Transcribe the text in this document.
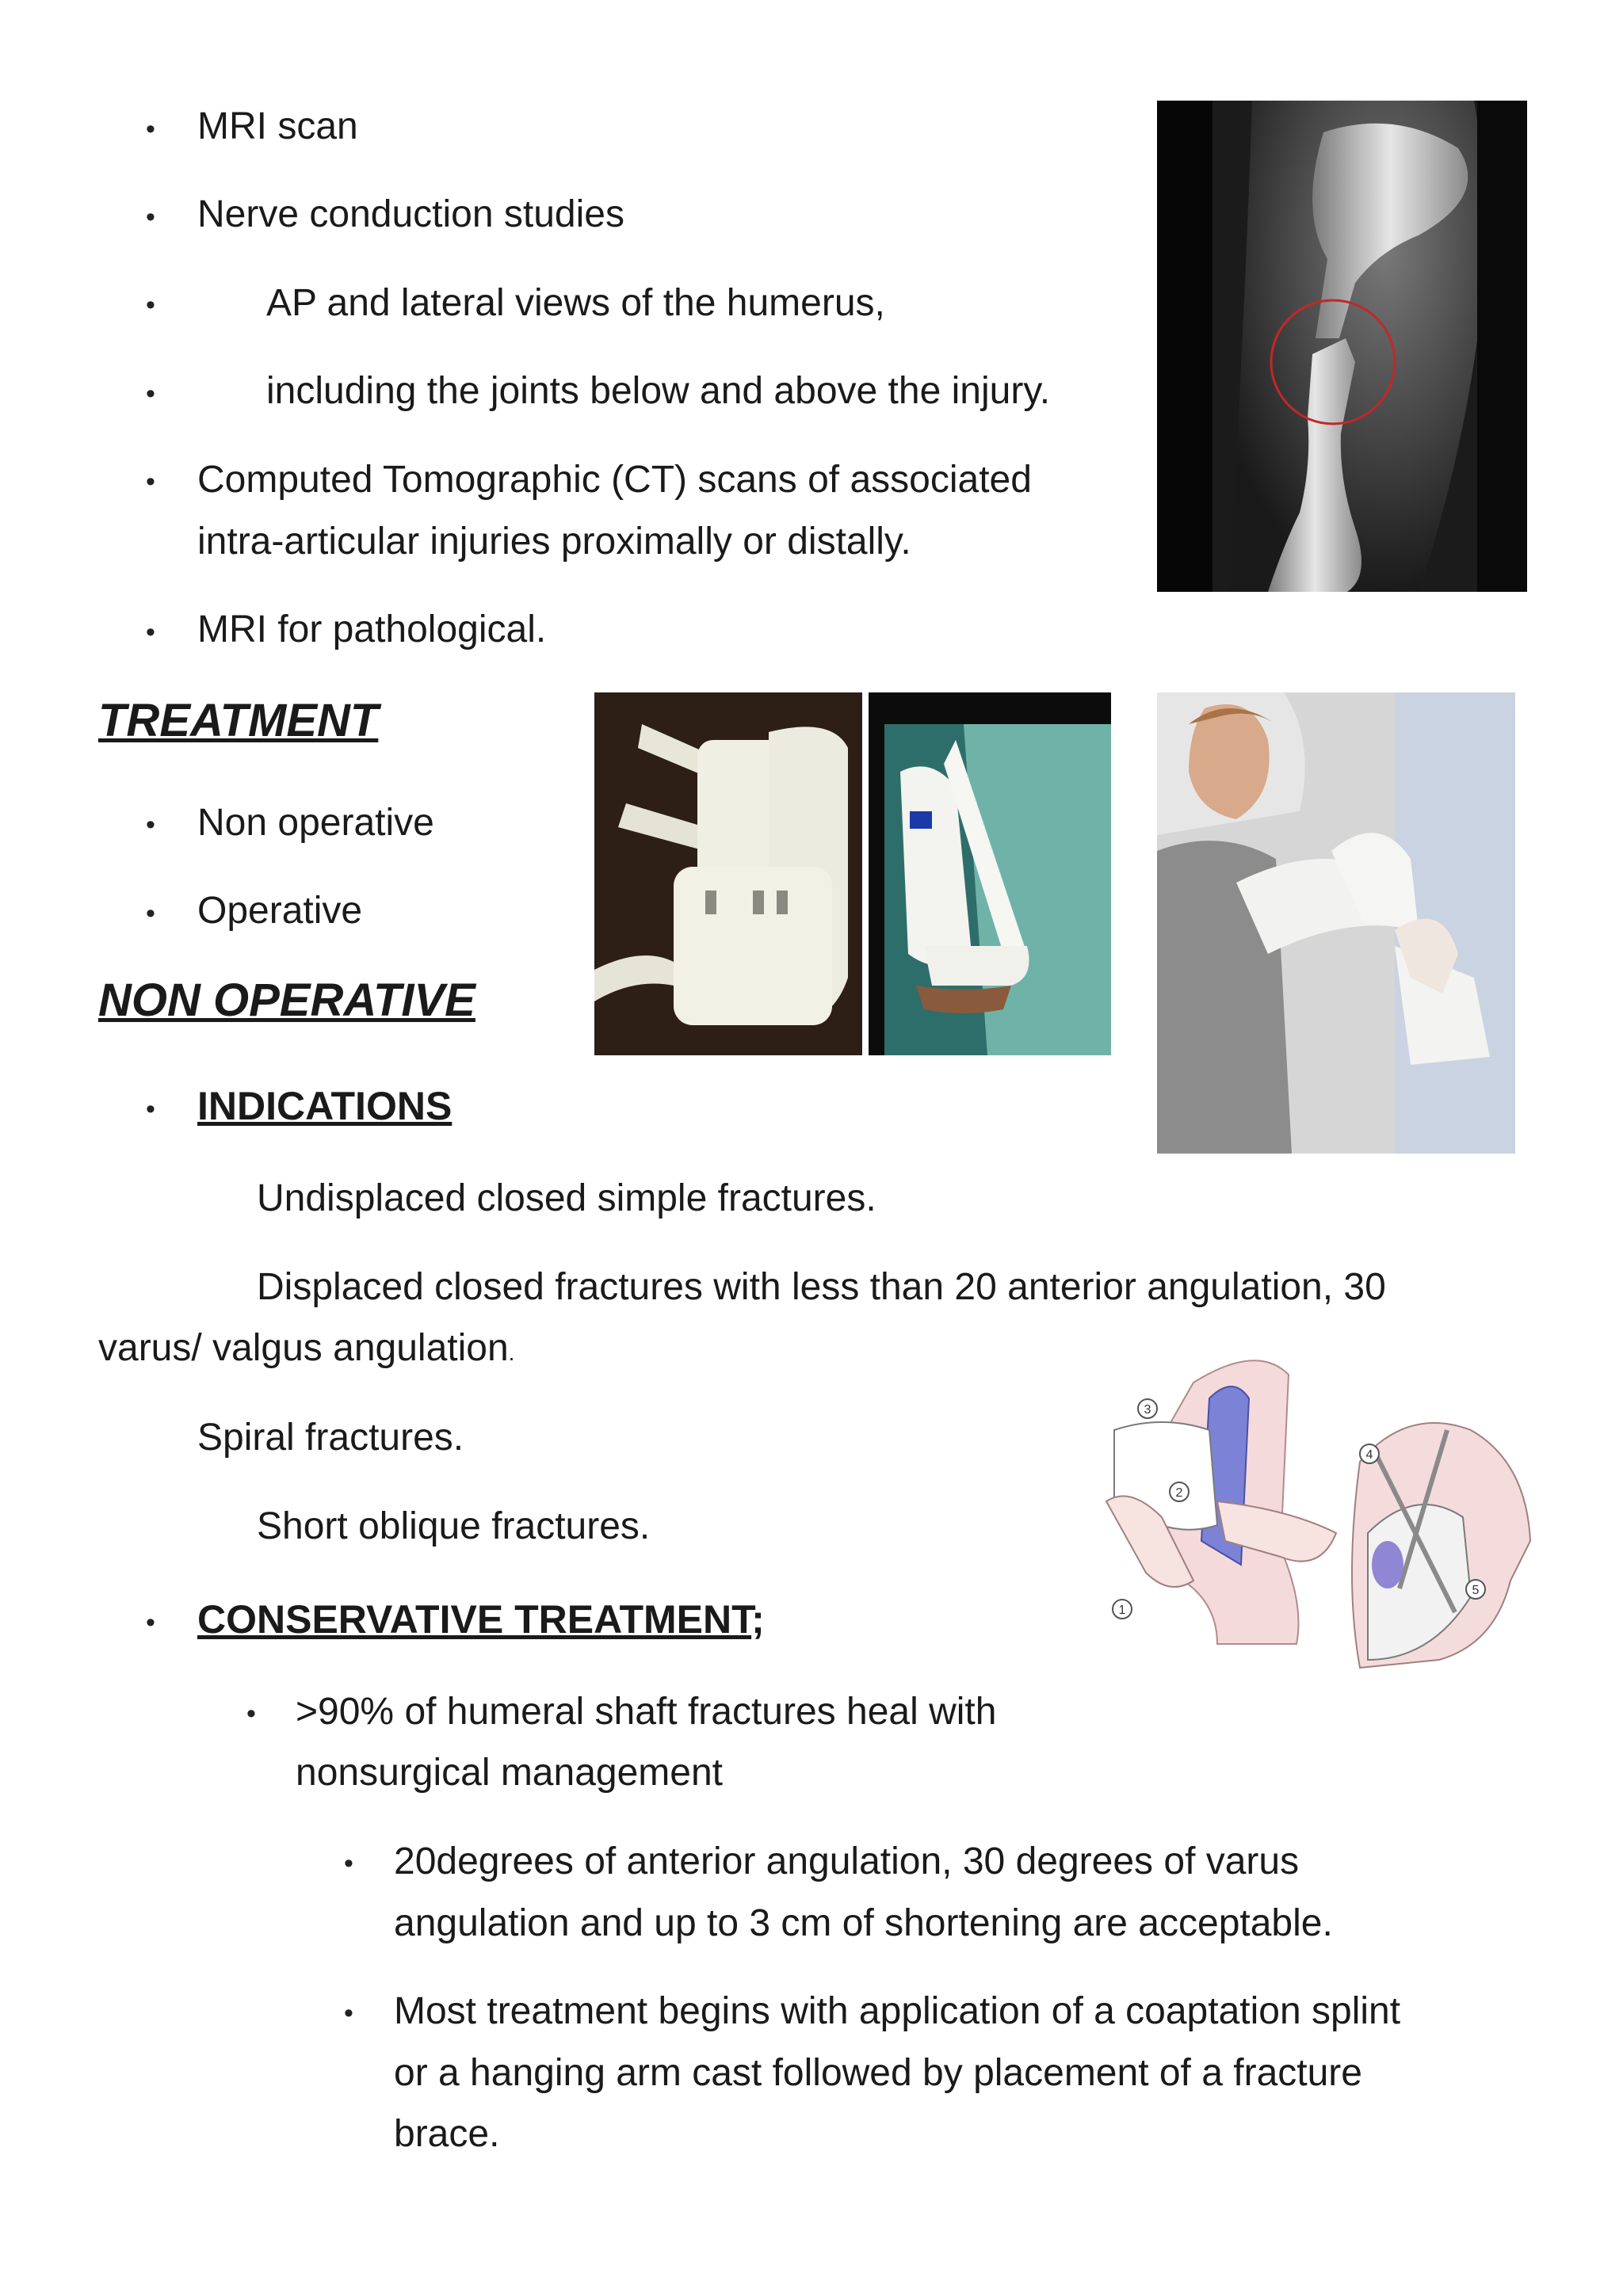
• MRI scan
• Nerve conduction studies
•	AP and lateral views of the humerus,
•	including the joints below and above the injury.
• Computed Tomographic (CT) scans of associated
intra-articular injuries proximally or distally.
• MRI for pathological.
TREATMENT
• Non operative
• Operative
NON OPERATIVE
• INDICATIONS
Undisplaced closed simple fractures.
Displaced closed fractures with less than 20 anterior angulation, 30
varus/ valgus angulation.
Spiral fractures.
Short oblique fractures.
• CONSERVATIVE TREATMENT;
• >90% of humeral shaft fractures heal with
nonsurgical management
• 20degrees of anterior angulation, 30 degrees of varus
angulation and up to 3 cm of shortening are acceptable.
• Most treatment begins with application of a coaptation splint
or a hanging arm cast followed by placement of a fracture
brace.
3
2
1
4
5
